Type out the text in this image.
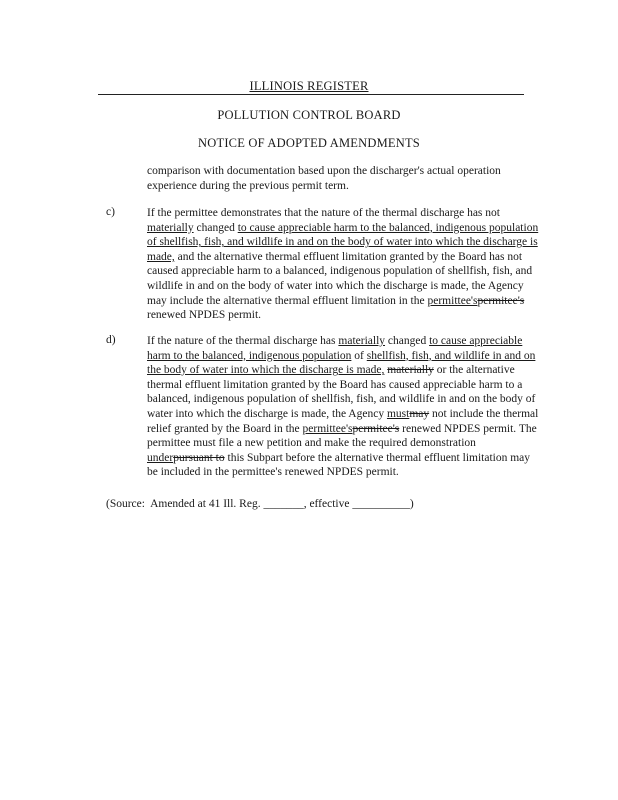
ILLINOIS REGISTER
POLLUTION CONTROL BOARD
NOTICE OF ADOPTED AMENDMENTS
comparison with documentation based upon the discharger's actual operation experience during the previous permit term.
c)	If the permittee demonstrates that the nature of the thermal discharge has not materially changed to cause appreciable harm to the balanced, indigenous population of shellfish, fish, and wildlife in and on the body of water into which the discharge is made, and the alternative thermal effluent limitation granted by the Board has not caused appreciable harm to a balanced, indigenous population of shellfish, fish, and wildlife in and on the body of water into which the discharge is made, the Agency may include the alternative thermal effluent limitation in the permittee'spermitee's renewed NPDES permit.
d)	If the nature of the thermal discharge has materially changed to cause appreciable harm to the balanced, indigenous population of shellfish, fish, and wildlife in and on the body of water into which the discharge is made, materially or the alternative thermal effluent limitation granted by the Board has caused appreciable harm to a balanced, indigenous population of shellfish, fish, and wildlife in and on the body of water into which the discharge is made, the Agency mustmay not include the thermal relief granted by the Board in the permittee'spermitee's renewed NPDES permit. The permittee must file a new petition and make the required demonstration underpursuant to this Subpart before the alternative thermal effluent limitation may be included in the permittee's renewed NPDES permit.
(Source:  Amended at 41 Ill. Reg. _______, effective __________)
